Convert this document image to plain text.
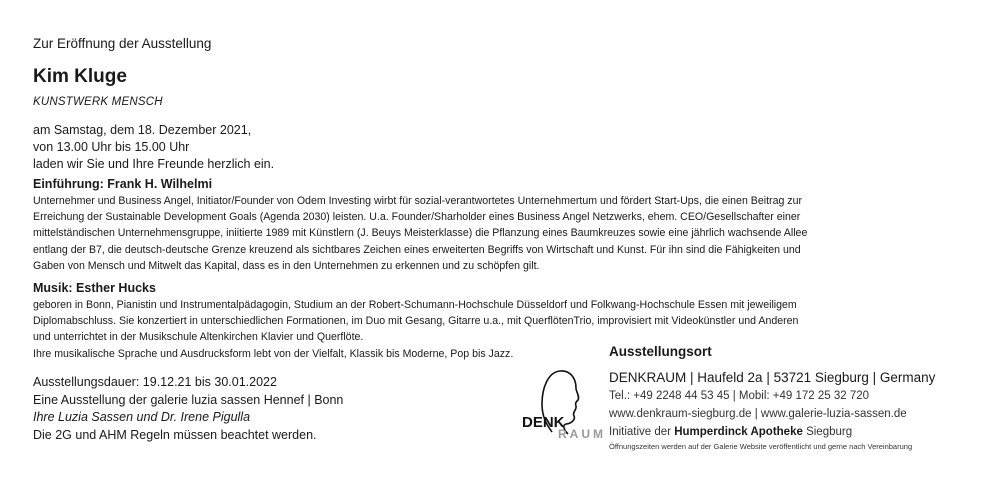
Zur Eröffnung der Ausstellung
Kim Kluge
KUNSTWERK MENSCH
am Samstag, dem 18. Dezember 2021,
von 13.00 Uhr bis 15.00 Uhr
laden wir Sie und Ihre Freunde herzlich ein.
Einführung: Frank H. Wilhelmi
Unternehmer und Business Angel, Initiator/Founder von Odem Investing wirbt für sozial-verantwortetes Unternehmertum und fördert Start-Ups, die einen Beitrag zur Erreichung der Sustainable Development Goals (Agenda 2030) leisten. U.a. Founder/Sharholder eines Business Angel Netzwerks, ehem. CEO/Gesellschafter einer mittelständischen Unternehmensgruppe, iniitierte 1989 mit Künstlern (J. Beuys Meisterklasse) die Pflanzung eines Baumkreuzes sowie eine jährlich wachsende Allee entlang der B7, die deutsch-deutsche Grenze kreuzend als sichtbares Zeichen eines erweiterten Begriffs von Wirtschaft und Kunst. Für ihn sind die Fähigkeiten und Gaben von Mensch und Mitwelt das Kapital, dass es in den Unternehmen zu erkennen und zu schöpfen gilt.
Musik: Esther Hucks
geboren in Bonn, Pianistin und Instrumentalpädagogin, Studium an der Robert-Schumann-Hochschule Düsseldorf und Folkwang-Hochschule Essen mit jeweiligem
Diplomabschluss. Sie konzertiert in unterschiedlichen Formationen, im Duo mit Gesang, Gitarre u.a., mit QuerflötenTrio, improvisiert mit Videokünstler und Anderen
und unterrichtet in der Musikschule Altenkirchen Klavier und Querflöte.
Ihre musikalische Sprache und Ausdrucksform lebt von der Vielfalt, Klassik bis Moderne, Pop bis Jazz.
Ausstellungsdauer: 19.12.21 bis 30.01.2022
Eine Ausstellung der galerie luzia sassen Hennef | Bonn
Ihre Luzia Sassen und Dr. Irene Pigulla
Die 2G und AHM Regeln müssen beachtet werden.
DENK
RAUM
Ausstellungsort
DENKRAUM | Haufeld 2a | 53721 Siegburg | Germany
Tel.: +49 2248 44 53 45 | Mobil: +49 172 25 32 720
www.denkraum-siegburg.de | www.galerie-luzia-sassen.de
Initiative der Humperdinck Apotheke Siegburg
Öffnungszeiten werden auf der Galerie Website veröffentlicht und gerne nach Vereinbarung
